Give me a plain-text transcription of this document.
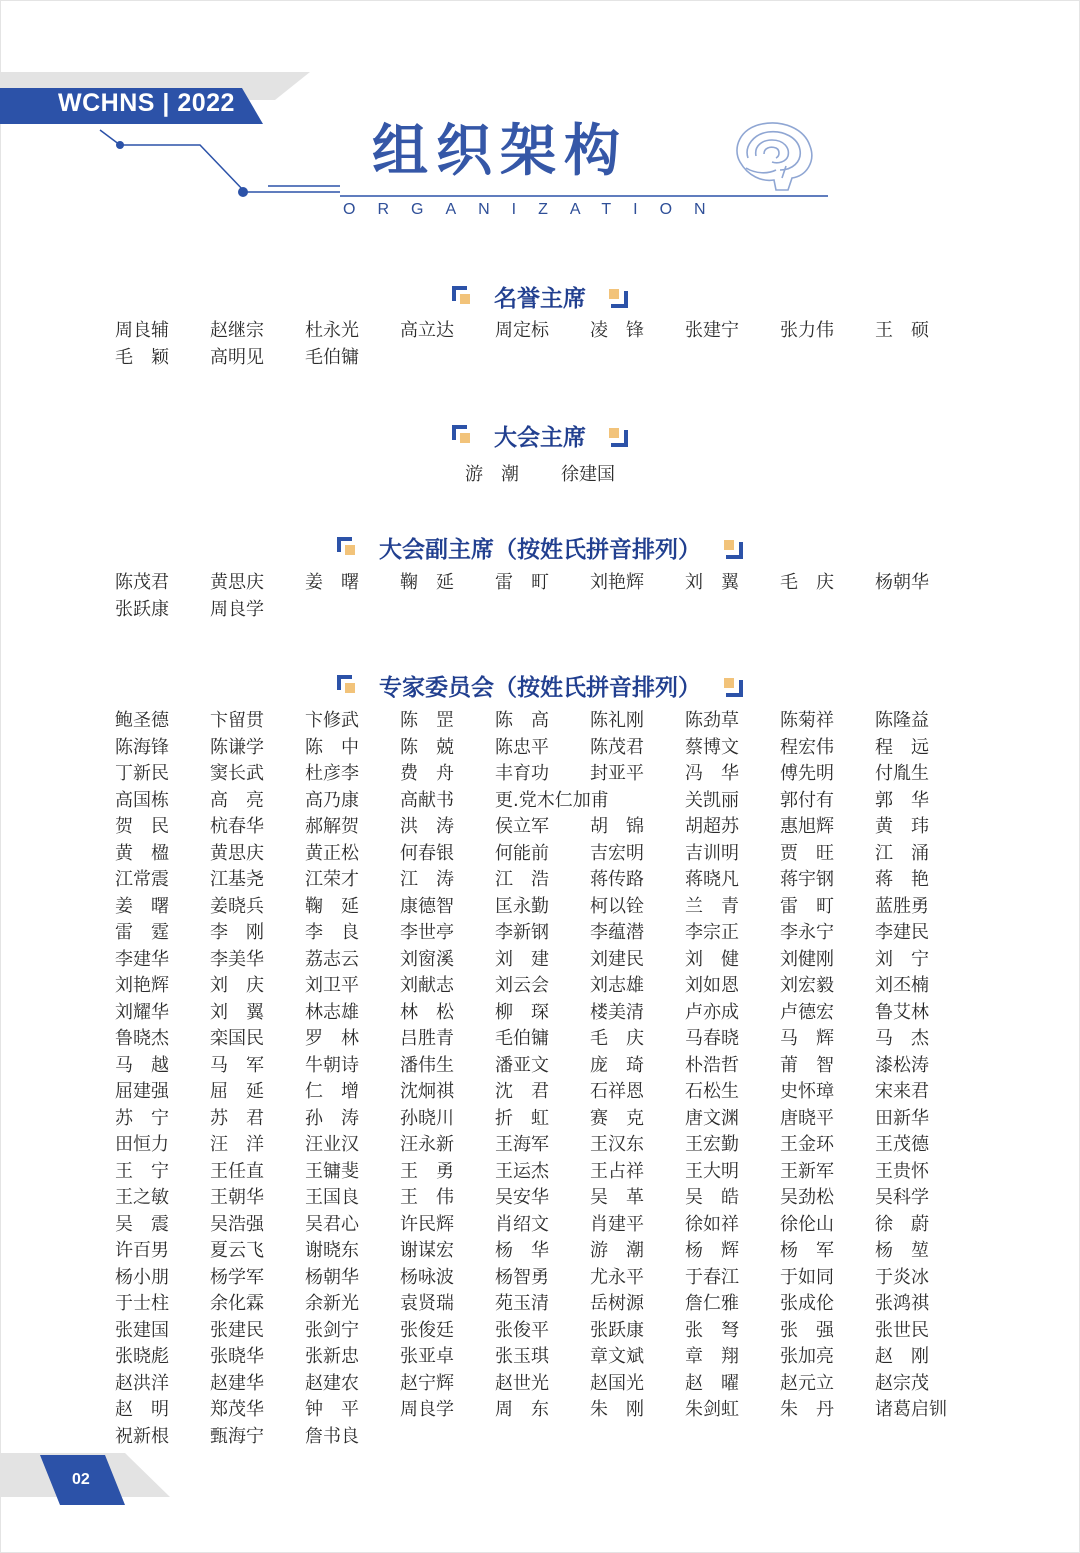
WCHNS | 2022
组织架构
ORGANIZATION
名誉主席
周良辅	赵继宗	杜永光	高立达	周定标	凌　锋	张建宁	张力伟	王　硕
毛　颖	高明见	毛伯镛
大会主席
游　潮 徐建国
大会副主席（按姓氏拼音排列）
陈茂君	黄思庆	姜　曙	鞠　延	雷　町	刘艳辉	刘　翼	毛　庆	杨朝华
张跃康	周良学
专家委员会（按姓氏拼音排列）
鲍圣德	卞留贯	卞修武	陈　罡	陈　高	陈礼刚	陈劲草	陈菊祥	陈隆益
陈海锋	陈谦学	陈　中	陈　兢	陈忠平	陈茂君	蔡博文	程宏伟	程　远
丁新民	窦长武	杜彦李	费　舟	丰育功	封亚平	冯　华	傅先明	付胤生
高国栋	高　亮	高乃康	高献书	更.党木仁加甫	关凯丽	郭付有	郭　华
贺　民	杭春华	郝解贺	洪　涛	侯立军	胡　锦	胡超苏	惠旭辉	黄　玮
黄　楹	黄思庆	黄正松	何春银	何能前	吉宏明	吉训明	贾　旺	江　涌
江常震	江基尧	江荣才	江　涛	江　浩	蒋传路	蒋晓凡	蒋宇钢	蒋　艳
姜　曙	姜晓兵	鞠　延	康德智	匡永勤	柯以铨	兰　青	雷　町	蓝胜勇
雷　霆	李　刚	李　良	李世亭	李新钢	李蕴潜	李宗正	李永宁	李建民
李建华	李美华	荔志云	刘窗溪	刘　建	刘建民	刘　健	刘健刚	刘　宁
刘艳辉	刘　庆	刘卫平	刘献志	刘云会	刘志雄	刘如恩	刘宏毅	刘丕楠
刘耀华	刘　翼	林志雄	林　松	柳　琛	楼美清	卢亦成	卢德宏	鲁艾林
鲁晓杰	栾国民	罗　林	吕胜青	毛伯镛	毛　庆	马春晓	马　辉	马　杰
马　越	马　军	牛朝诗	潘伟生	潘亚文	庞　琦	朴浩哲	莆　智	漆松涛
屈建强	屈　延	仁　增	沈炯祺	沈　君	石祥恩	石松生	史怀璋	宋来君
苏　宁	苏　君	孙　涛	孙晓川	折　虹	赛　克	唐文渊	唐晓平	田新华
田恒力	汪　洋	汪业汉	汪永新	王海军	王汉东	王宏勤	王金环	王茂德
王　宁	王任直	王镛斐	王　勇	王运杰	王占祥	王大明	王新军	王贵怀
王之敏	王朝华	王国良	王　伟	吴安华	吴　革	吴　皓	吴劲松	吴科学
吴　震	吴浩强	吴君心	许民辉	肖绍文	肖建平	徐如祥	徐伦山	徐　蔚
许百男	夏云飞	谢晓东	谢谋宏	杨　华	游　潮	杨　辉	杨　军	杨　堃
杨小朋	杨学军	杨朝华	杨咏波	杨智勇	尤永平	于春江	于如同	于炎冰
于士柱	余化霖	余新光	袁贤瑞	苑玉清	岳树源	詹仁雅	张成伦	张鸿祺
张建国	张建民	张剑宁	张俊廷	张俊平	张跃康	张　弩	张　强	张世民
张晓彪	张晓华	张新忠	张亚卓	张玉琪	章文斌	章　翔	张加亮	赵　刚
赵洪洋	赵建华	赵建农	赵宁辉	赵世光	赵国光	赵　曜	赵元立	赵宗茂
赵　明	郑茂华	钟　平	周良学	周　东	朱　刚	朱剑虹	朱　丹	诸葛启钏
祝新根	甄海宁	詹书良
02
